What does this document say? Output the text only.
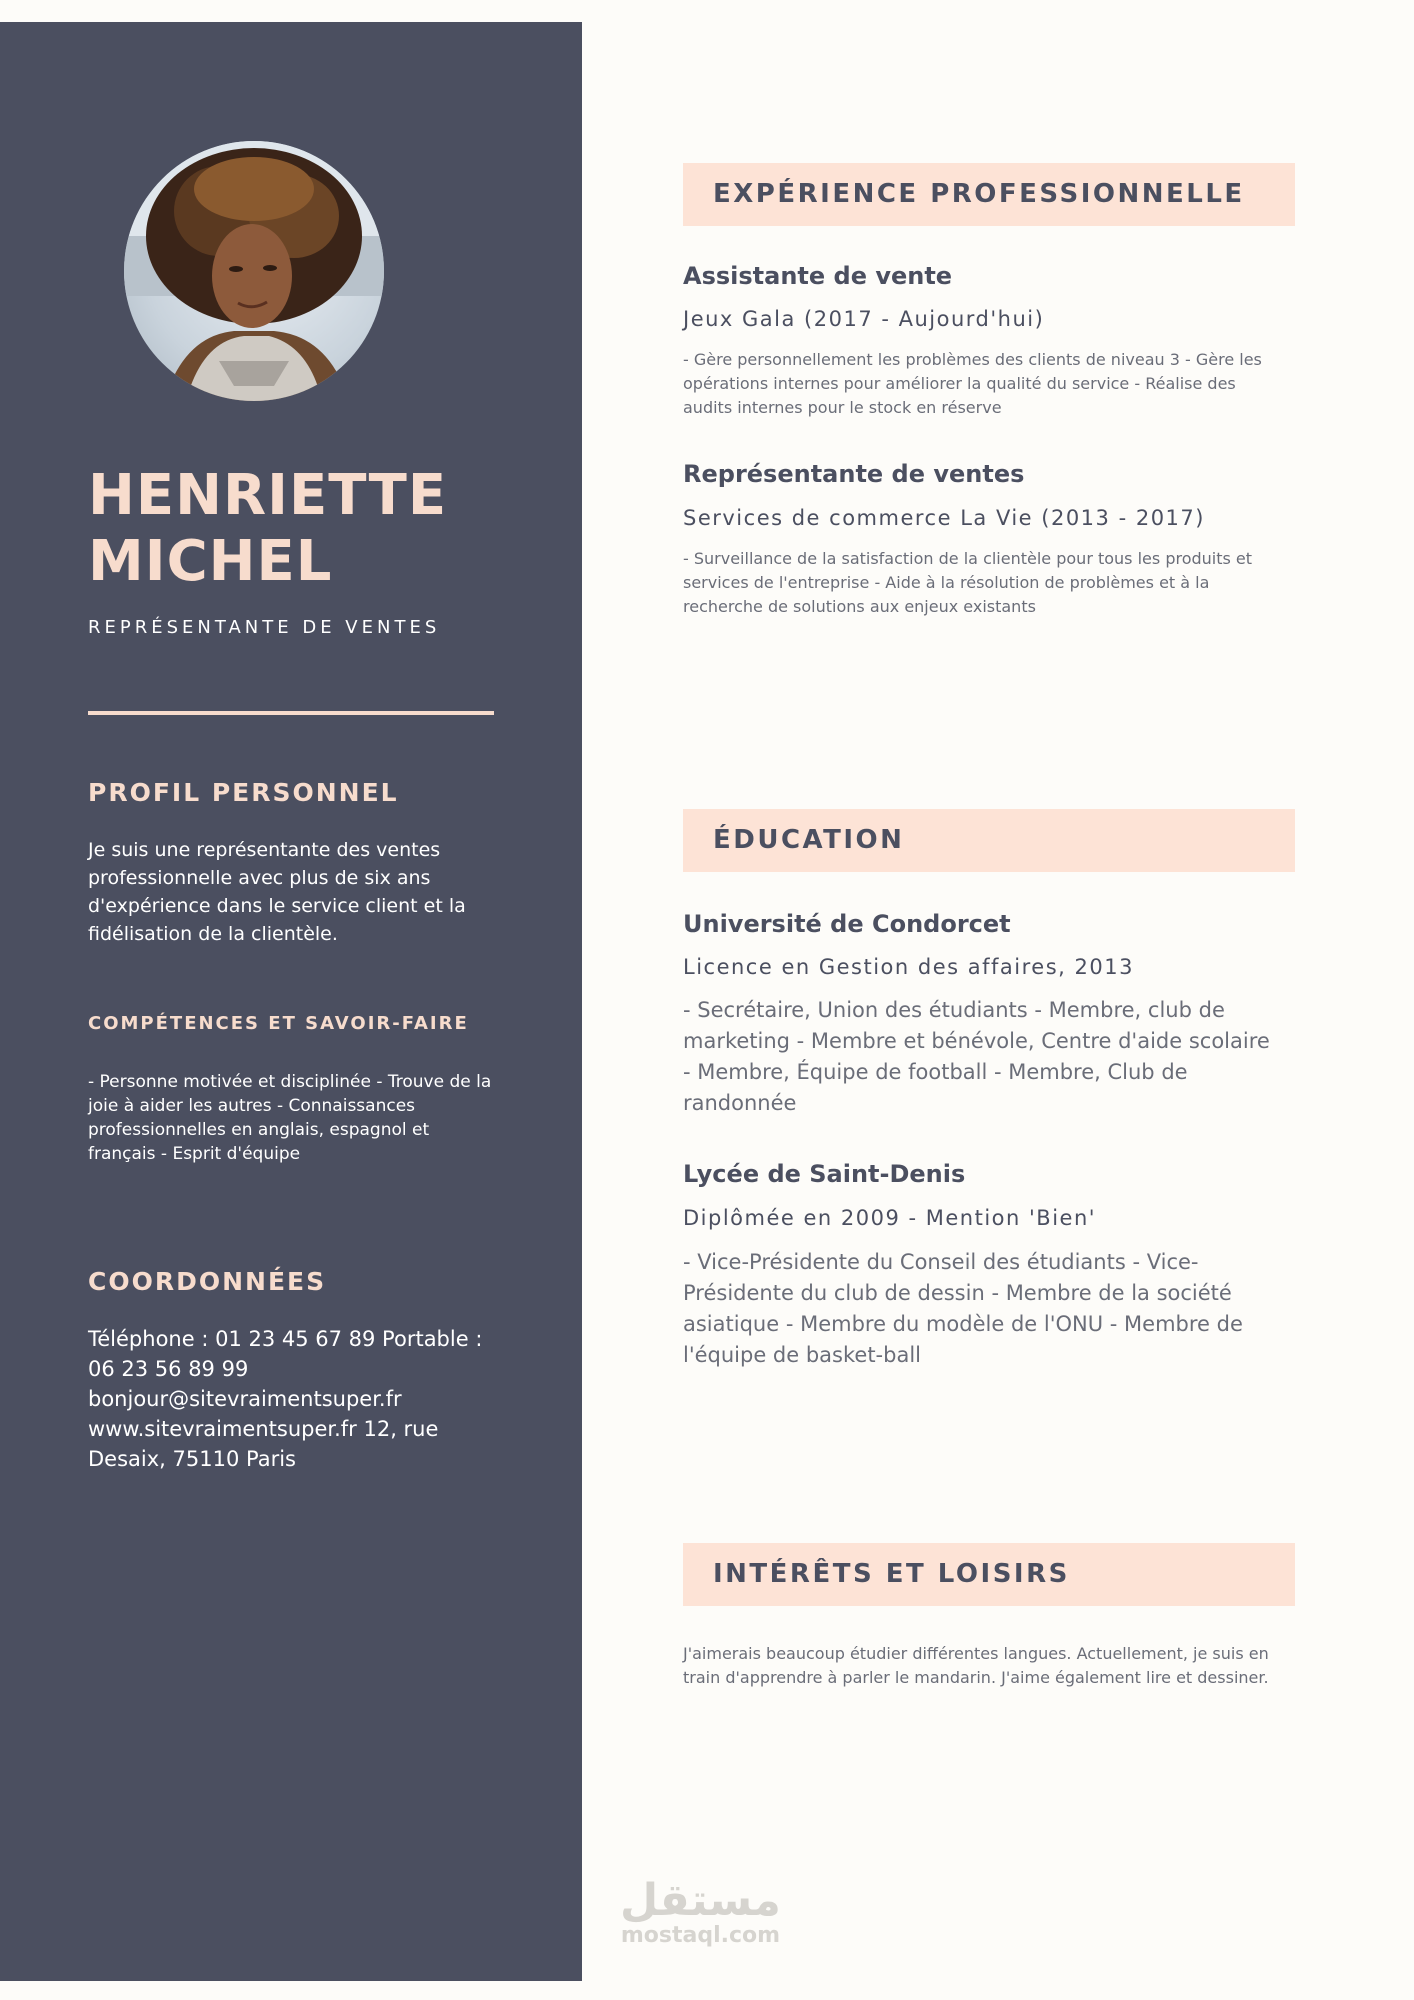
HENRIETTE
MICHEL
REPRÉSENTANTE DE VENTES
PROFIL PERSONNEL

Je suis une représentante des ventes professionnelle avec plus de six ans d'expérience dans le service client et la fidélisation de la clientèle.

COMPÉTENCES ET SAVOIR-FAIRE

- Personne motivée et disciplinée - Trouve de la joie à aider les autres - Connaissances professionnelles en anglais, espagnol et français - Esprit d'équipe

COORDONNÉES

Téléphone : 01 23 45 67 89 Portable : 06 23 56 89 99 bonjour@sitevraimentsuper.fr www.sitevraimentsuper.fr 12, rue Desaix, 75110 Paris

EXPÉRIENCE PROFESSIONNELLE
Assistante de vente

Jeux Gala (2017 - Aujourd'hui)

- Gère personnellement les problèmes des clients de niveau 3 - Gère les opérations internes pour améliorer la qualité du service - Réalise des audits internes pour le stock en réserve

Représentante de ventes

Services de commerce La Vie (2013 - 2017)

- Surveillance de la satisfaction de la clientèle pour tous les produits et services de l'entreprise - Aide à la résolution de problèmes et à la recherche de solutions aux enjeux existants

ÉDUCATION
Université de Condorcet

Licence en Gestion des affaires, 2013

- Secrétaire, Union des étudiants - Membre, club de marketing - Membre et bénévole, Centre d'aide scolaire - Membre, Équipe de football - Membre, Club de randonnée

Lycée de Saint-Denis

Diplômée en 2009 - Mention 'Bien'

- Vice-Présidente du Conseil des étudiants - Vice-Présidente du club de dessin - Membre de la société asiatique - Membre du modèle de l'ONU - Membre de l'équipe de basket-ball

INTÉRÊTS ET LOISIRS

J'aimerais beaucoup étudier différentes langues. Actuellement, je suis en train d'apprendre à parler le mandarin. J'aime également lire et dessiner.

مستقل
mostaql.com
